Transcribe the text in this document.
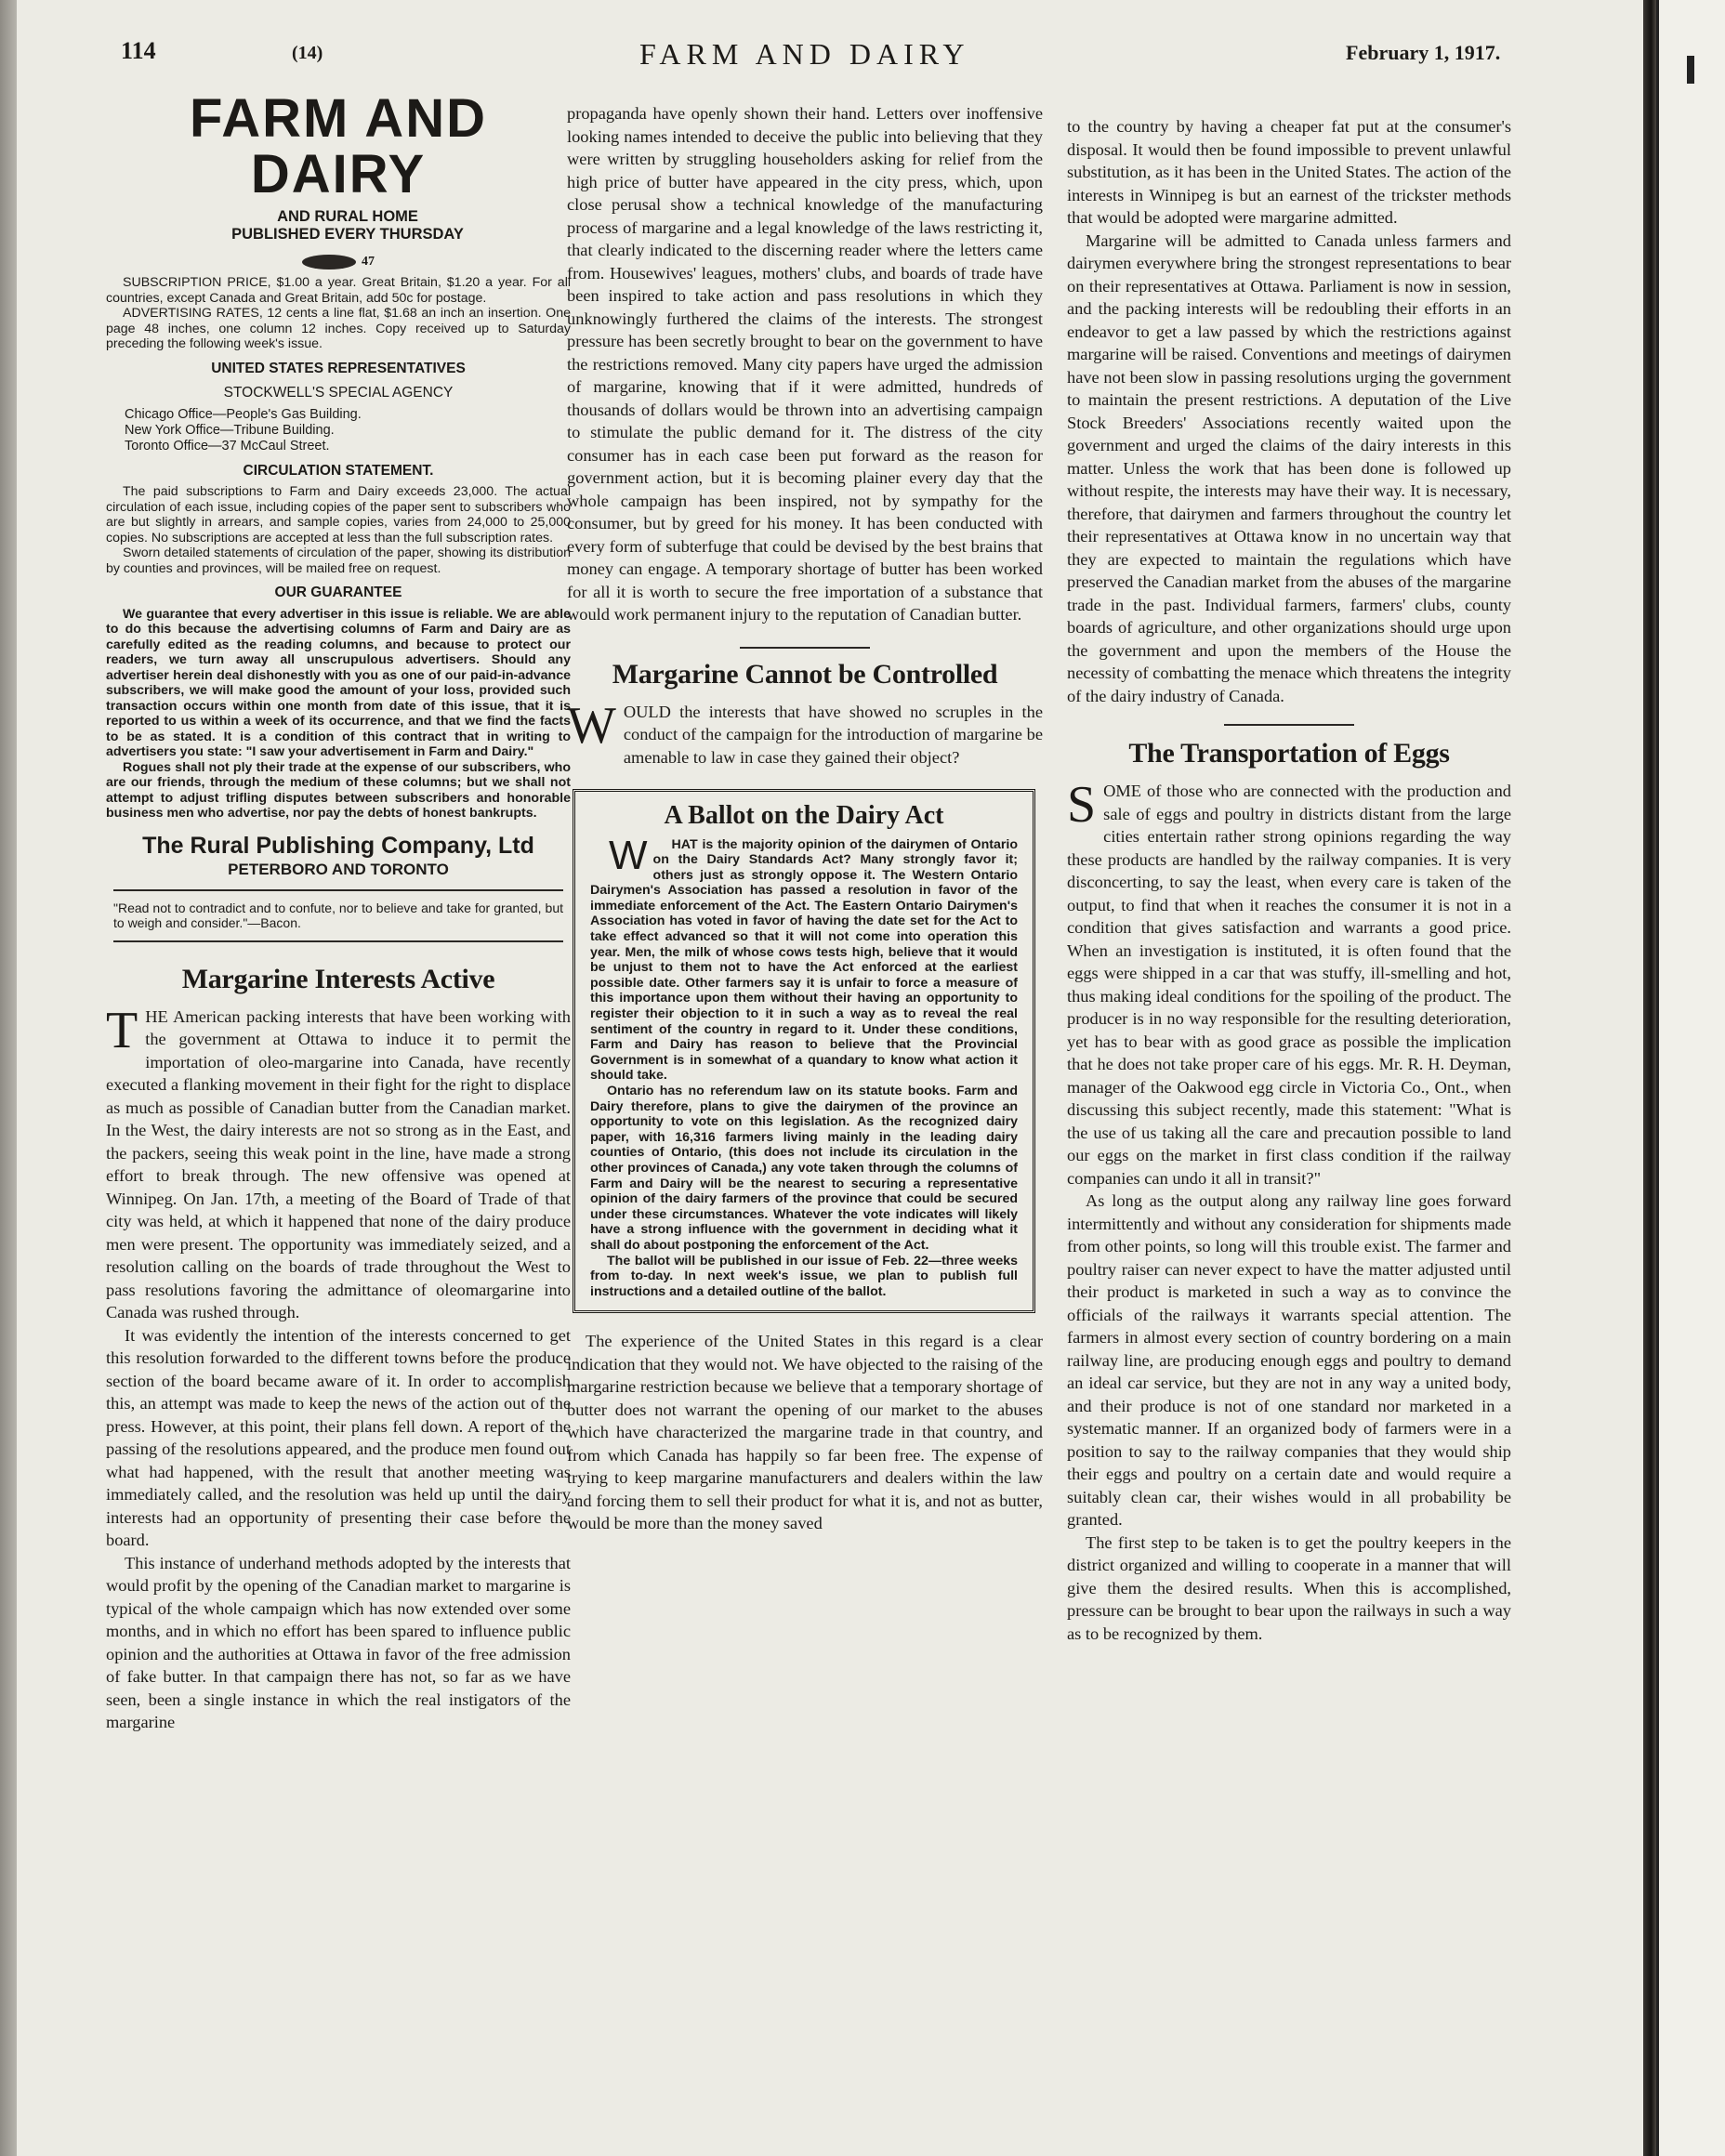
114	(14)	FARM AND DAIRY	February 1, 1917.
FARM AND DAIRY

AND RURAL HOME

PUBLISHED EVERY THURSDAY

47

SUBSCRIPTION PRICE, $1.00 a year. Great Britain, $1.20 a year. For all countries, except Canada and Great Britain, add 50c for postage.

ADVERTISING RATES, 12 cents a line flat, $1.68 an inch an insertion. One page 48 inches, one column 12 inches. Copy received up to Saturday preceding the following week's issue.

UNITED STATES REPRESENTATIVES
STOCKWELL'S SPECIAL AGENCY

Chicago Office—People's Gas Building.

New York Office—Tribune Building.

Toronto Office—37 McCaul Street.

CIRCULATION STATEMENT.

The paid subscriptions to Farm and Dairy exceeds 23,000. The actual circulation of each issue, including copies of the paper sent to subscribers who are but slightly in arrears, and sample copies, varies from 24,000 to 25,000 copies. No subscriptions are accepted at less than the full subscription rates.

Sworn detailed statements of circulation of the paper, showing its distribution by counties and provinces, will be mailed free on request.

OUR GUARANTEE

We guarantee that every advertiser in this issue is reliable. We are able to do this because the advertising columns of Farm and Dairy are as carefully edited as the reading columns, and because to protect our readers, we turn away all unscrupulous advertisers. Should any advertiser herein deal dishonestly with you as one of our paid-in-advance subscribers, we will make good the amount of your loss, provided such transaction occurs within one month from date of this issue, that it is reported to us within a week of its occurrence, and that we find the facts to be as stated. It is a condition of this contract that in writing to advertisers you state: "I saw your advertisement in Farm and Dairy."

Rogues shall not ply their trade at the expense of our subscribers, who are our friends, through the medium of these columns; but we shall not attempt to adjust trifling disputes between subscribers and honorable business men who advertise, nor pay the debts of honest bankrupts.

The Rural Publishing Company, Ltd
PETERBORO AND TORONTO
"Read not to contradict and to confute, nor to believe and take for granted, but to weigh and consider."—Bacon.
Margarine Interests Active

THE American packing interests that have been working with the government at Ottawa to induce it to permit the importation of oleo-margarine into Canada, have recently executed a flanking movement in their fight for the right to displace as much as possible of Canadian butter from the Canadian market. In the West, the dairy interests are not so strong as in the East, and the packers, seeing this weak point in the line, have made a strong effort to break through. The new offensive was opened at Winnipeg. On Jan. 17th, a meeting of the Board of Trade of that city was held, at which it happened that none of the dairy produce men were present. The opportunity was immediately seized, and a resolution calling on the boards of trade throughout the West to pass resolutions favoring the admittance of oleomargarine into Canada was rushed through.

It was evidently the intention of the interests concerned to get this resolution forwarded to the different towns before the produce section of the board became aware of it. In order to accomplish this, an attempt was made to keep the news of the action out of the press. However, at this point, their plans fell down. A report of the passing of the resolutions appeared, and the produce men found out what had happened, with the result that another meeting was immediately called, and the resolution was held up until the dairy interests had an opportunity of presenting their case before the board.

This instance of underhand methods adopted by the interests that would profit by the opening of the Canadian market to margarine is typical of the whole campaign which has now extended over some months, and in which no effort has been spared to influence public opinion and the authorities at Ottawa in favor of the free admission of fake butter. In that campaign there has not, so far as we have seen, been a single instance in which the real instigators of the margarine

propaganda have openly shown their hand. Letters over inoffensive looking names intended to deceive the public into believing that they were written by struggling householders asking for relief from the high price of butter have appeared in the city press, which, upon close perusal show a technical knowledge of the manufacturing process of margarine and a legal knowledge of the laws restricting it, that clearly indicated to the discerning reader where the letters came from. Housewives' leagues, mothers' clubs, and boards of trade have been inspired to take action and pass resolutions in which they unknowingly furthered the claims of the interests. The strongest pressure has been secretly brought to bear on the government to have the restrictions removed. Many city papers have urged the admission of margarine, knowing that if it were admitted, hundreds of thousands of dollars would be thrown into an advertising campaign to stimulate the public demand for it. The distress of the city consumer has in each case been put forward as the reason for government action, but it is becoming plainer every day that the whole campaign has been inspired, not by sympathy for the consumer, but by greed for his money. It has been conducted with every form of subterfuge that could be devised by the best brains that money can engage. A temporary shortage of butter has been worked for all it is worth to secure the free importation of a substance that would work permanent injury to the reputation of Canadian butter.

Margarine Cannot be Controlled

WOULD the interests that have showed no scruples in the conduct of the campaign for the introduction of margarine be amenable to law in case they gained their object?

A Ballot on the Dairy Act

W HAT is the majority opinion of the dairymen of Ontario on the Dairy Standards Act? Many strongly favor it; others just as strongly oppose it. The Western Ontario Dairymen's Association has passed a resolution in favor of the immediate enforcement of the Act. The Eastern Ontario Dairymen's Association has voted in favor of having the date set for the Act to take effect advanced so that it will not come into operation this year. Men, the milk of whose cows tests high, believe that it would be unjust to them not to have the Act enforced at the earliest possible date. Other farmers say it is unfair to force a measure of this importance upon them without their having an opportunity to register their objection to it in such a way as to reveal the real sentiment of the country in regard to it. Under these conditions, Farm and Dairy has reason to believe that the Provincial Government is in somewhat of a quandary to know what action it should take.

Ontario has no referendum law on its statute books. Farm and Dairy therefore, plans to give the dairymen of the province an opportunity to vote on this legislation. As the recognized dairy paper, with 16,316 farmers living mainly in the leading dairy counties of Ontario, (this does not include its circulation in the other provinces of Canada,) any vote taken through the columns of Farm and Dairy will be the nearest to securing a representative opinion of the dairy farmers of the province that could be secured under these circumstances. Whatever the vote indicates will likely have a strong influence with the government in deciding what it shall do about postponing the enforcement of the Act.

The ballot will be published in our issue of Feb. 22—three weeks from to-day. In next week's issue, we plan to publish full instructions and a detailed outline of the ballot.

The experience of the United States in this regard is a clear indication that they would not. We have objected to the raising of the margarine restriction because we believe that a temporary shortage of butter does not warrant the opening of our market to the abuses which have characterized the margarine trade in that country, and from which Canada has happily so far been free. The expense of trying to keep margarine manufacturers and dealers within the law and forcing them to sell their product for what it is, and not as butter, would be more than the money saved

to the country by having a cheaper fat put at the consumer's disposal. It would then be found impossible to prevent unlawful substitution, as it has been in the United States. The action of the interests in Winnipeg is but an earnest of the trickster methods that would be adopted were margarine admitted.

Margarine will be admitted to Canada unless farmers and dairymen everywhere bring the strongest representations to bear on their representatives at Ottawa. Parliament is now in session, and the packing interests will be redoubling their efforts in an endeavor to get a law passed by which the restrictions against margarine will be raised. Conventions and meetings of dairymen have not been slow in passing resolutions urging the government to maintain the present restrictions. A deputation of the Live Stock Breeders' Associations recently waited upon the government and urged the claims of the dairy interests in this matter. Unless the work that has been done is followed up without respite, the interests may have their way. It is necessary, therefore, that dairymen and farmers throughout the country let their representatives at Ottawa know in no uncertain way that they are expected to maintain the regulations which have preserved the Canadian market from the abuses of the margarine trade in the past. Individual farmers, farmers' clubs, county boards of agriculture, and other organizations should urge upon the government and upon the members of the House the necessity of combatting the menace which threatens the integrity of the dairy industry of Canada.

The Transportation of Eggs

SOME of those who are connected with the production and sale of eggs and poultry in districts distant from the large cities entertain rather strong opinions regarding the way these products are handled by the railway companies. It is very disconcerting, to say the least, when every care is taken of the output, to find that when it reaches the consumer it is not in a condition that gives satisfaction and warrants a good price. When an investigation is instituted, it is often found that the eggs were shipped in a car that was stuffy, ill-smelling and hot, thus making ideal conditions for the spoiling of the product. The producer is in no way responsible for the resulting deterioration, yet has to bear with as good grace as possible the implication that he does not take proper care of his eggs. Mr. R. H. Deyman, manager of the Oakwood egg circle in Victoria Co., Ont., when discussing this subject recently, made this statement: "What is the use of us taking all the care and precaution possible to land our eggs on the market in first class condition if the railway companies can undo it all in transit?"

As long as the output along any railway line goes forward intermittently and without any consideration for shipments made from other points, so long will this trouble exist. The farmer and poultry raiser can never expect to have the matter adjusted until their product is marketed in such a way as to convince the officials of the railways it warrants special attention. The farmers in almost every section of country bordering on a main railway line, are producing enough eggs and poultry to demand an ideal car service, but they are not in any way a united body, and their produce is not of one standard nor marketed in a systematic manner. If an organized body of farmers were in a position to say to the railway companies that they would ship their eggs and poultry on a certain date and would require a suitably clean car, their wishes would in all probability be granted.

The first step to be taken is to get the poultry keepers in the district organized and willing to cooperate in a manner that will give them the desired results. When this is accomplished, pressure can be brought to bear upon the railways in such a way as to be recognized by them.
